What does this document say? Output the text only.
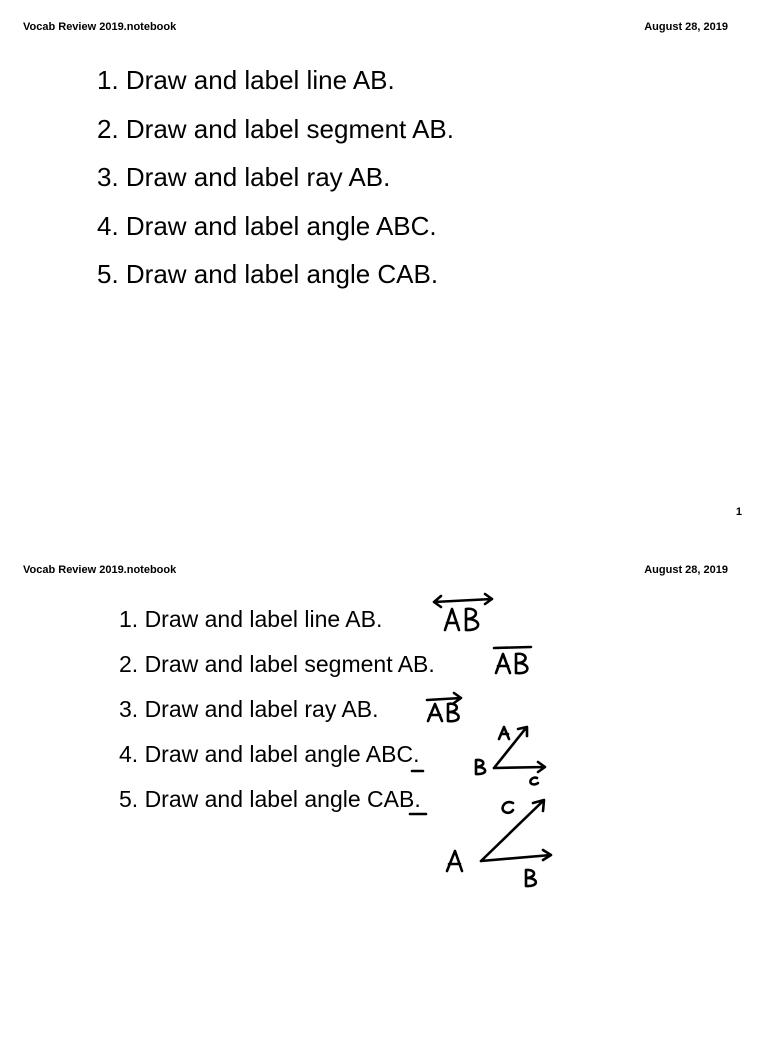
Vocab Review 2019.notebook	August 28, 2019
1. Draw and label line AB.
2. Draw and label segment AB.
3. Draw and label ray AB.
4. Draw and label angle ABC.
5. Draw and label angle CAB.
1
Vocab Review 2019.notebook	August 28, 2019
1. Draw and label line AB.
2. Draw and label segment AB.
3. Draw and label ray AB.
4. Draw and label angle ABC.
5. Draw and label angle CAB.
